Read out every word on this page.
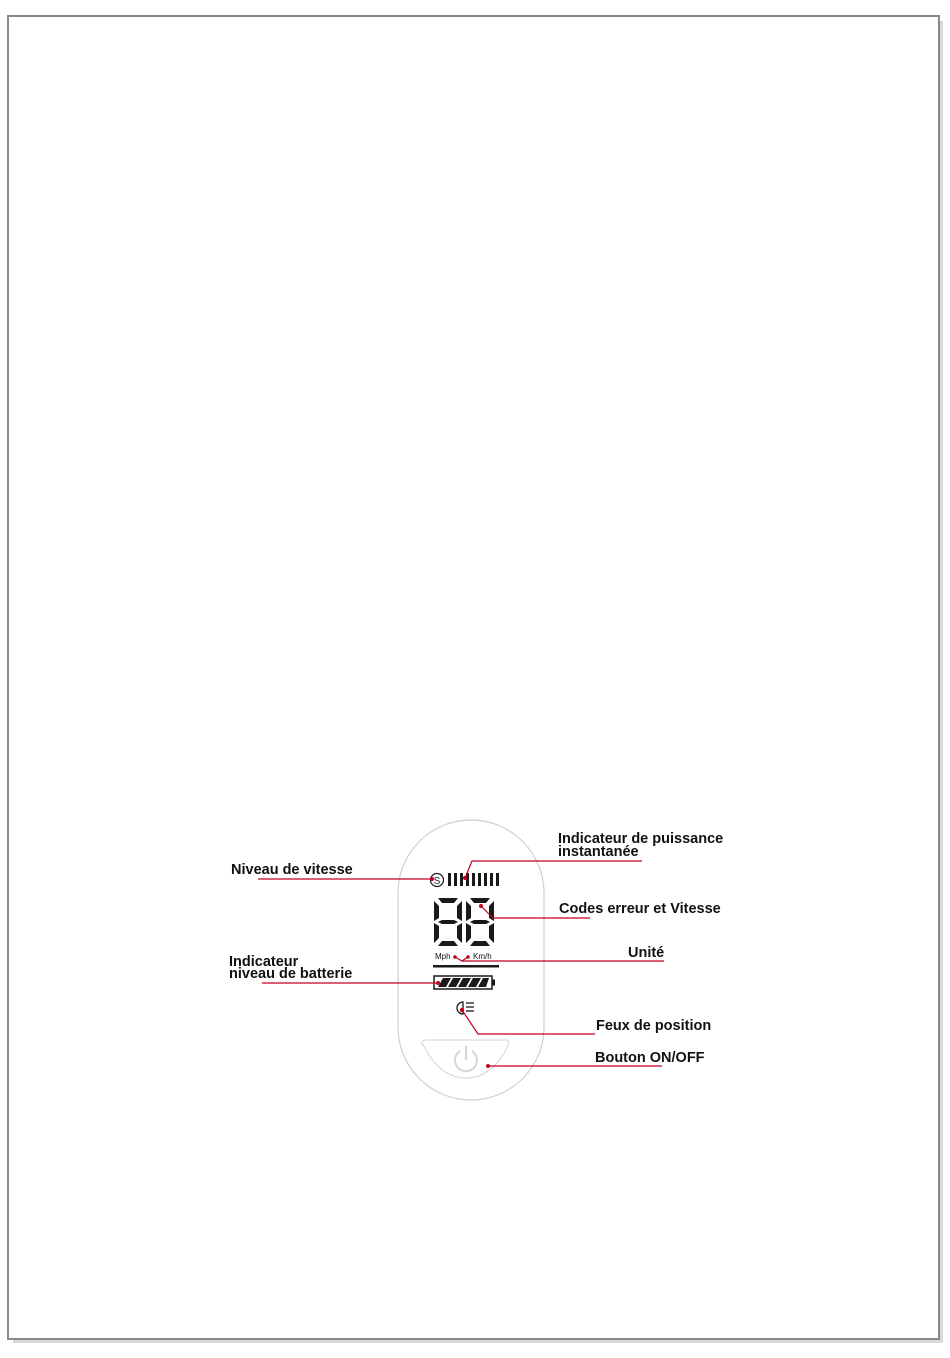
S
Mph	Km/h
Niveau de vitesse
Indicateur de puissance
instantanée
Codes erreur et Vitesse
Unité
Indicateur
niveau de batterie
Feux de position
Bouton ON/OFF
